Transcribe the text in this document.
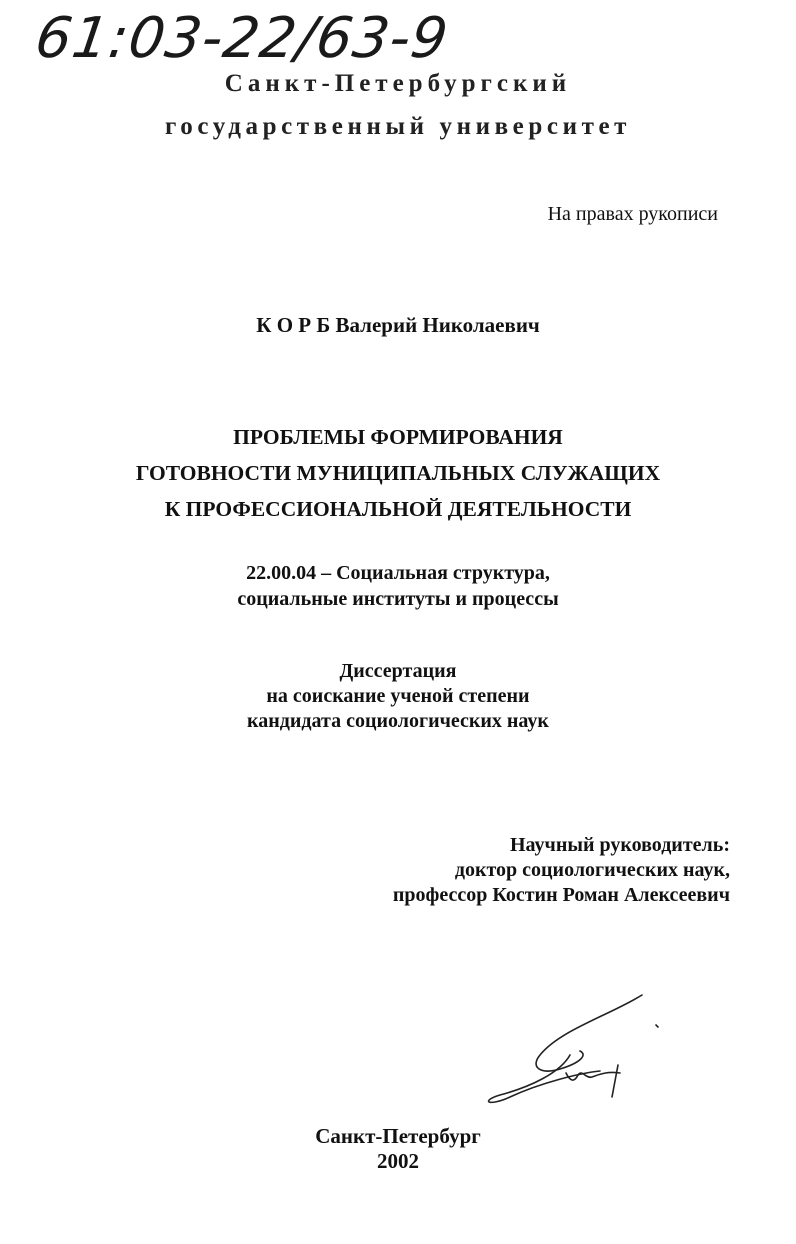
61:03-22/63-9
Санкт-Петербургский
государственный университет
На правах рукописи
К О Р Б Валерий Николаевич
ПРОБЛЕМЫ ФОРМИРОВАНИЯ
ГОТОВНОСТИ МУНИЦИПАЛЬНЫХ СЛУЖАЩИХ
К ПРОФЕССИОНАЛЬНОЙ ДЕЯТЕЛЬНОСТИ
22.00.04 – Социальная структура,
социальные институты и процессы
Диссертация
на соискание ученой степени
кандидата социологических наук
Научный руководитель:
доктор социологических наук,
профессор Костин Роман Алексеевич
Санкт-Петербург
2002
